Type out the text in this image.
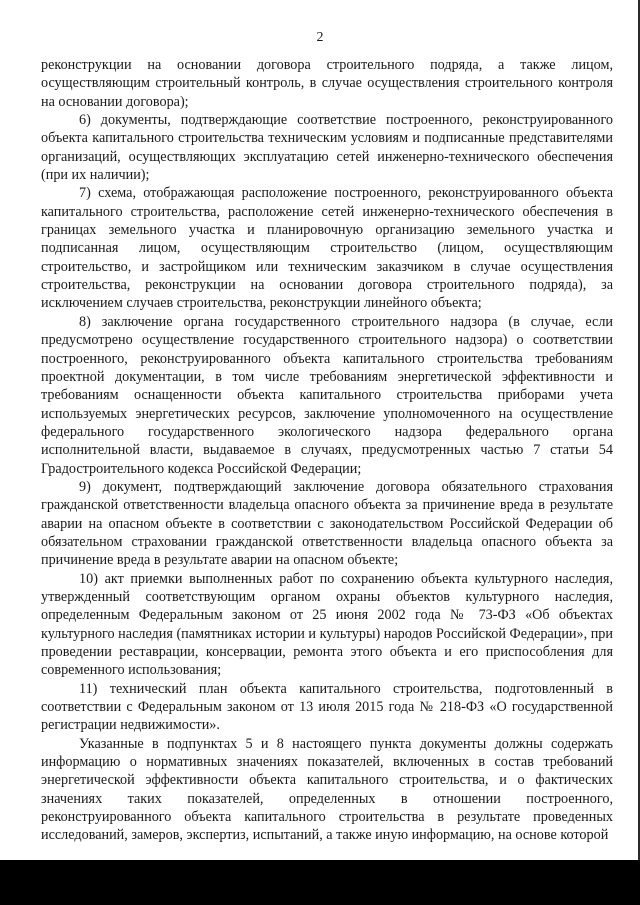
2

реконструкции на основании договора строительного подряда, а также лицом, осуществляющим строительный контроль, в случае осуществления строительного контроля на основании договора);

6) документы, подтверждающие соответствие построенного, реконструированного объекта капитального строительства техническим условиям и подписанные представителями организаций, осуществляющих эксплуатацию сетей инженерно-технического обеспечения (при их наличии);

7) схема, отображающая расположение построенного, реконструированного объекта капитального строительства, расположение сетей инженерно-технического обеспечения в границах земельного участка и планировочную организацию земельного участка и подписанная лицом, осуществляющим строительство (лицом, осуществляющим строительство, и застройщиком или техническим заказчиком в случае осуществления строительства, реконструкции на основании договора строительного подряда), за исключением случаев строительства, реконструкции линейного объекта;

8) заключение органа государственного строительного надзора (в случае, если предусмотрено осуществление государственного строительного надзора) о соответствии построенного, реконструированного объекта капитального строительства требованиям проектной документации, в том числе требованиям энергетической эффективности и требованиям оснащенности объекта капитального строительства приборами учета используемых энергетических ресурсов, заключение уполномоченного на осуществление федерального государственного экологического надзора федерального органа исполнительной власти, выдаваемое в случаях, предусмотренных частью 7 статьи 54 Градостроительного кодекса Российской Федерации;

9) документ, подтверждающий заключение договора обязательного страхования гражданской ответственности владельца опасного объекта за причинение вреда в результате аварии на опасном объекте в соответствии с законодательством Российской Федерации об обязательном страховании гражданской ответственности владельца опасного объекта за причинение вреда в результате аварии на опасном объекте;

10) акт приемки выполненных работ по сохранению объекта культурного наследия, утвержденный соответствующим органом охраны объектов культурного наследия, определенным Федеральным законом от 25 июня 2002 года № 73-ФЗ «Об объектах культурного наследия (памятниках истории и культуры) народов Российской Федерации», при проведении реставрации, консервации, ремонта этого объекта и его приспособления для современного использования;

11) технический план объекта капитального строительства, подготовленный в соответствии с Федеральным законом от 13 июля 2015 года № 218-ФЗ «О государственной регистрации недвижимости».

Указанные в подпунктах 5 и 8 настоящего пункта документы должны содержать информацию о нормативных значениях показателей, включенных в состав требований энергетической эффективности объекта капитального строительства, и о фактических значениях таких показателей, определенных в отношении построенного, реконструированного объекта капитального строительства в результате проведенных исследований, замеров, экспертиз, испытаний, а также иную информацию, на основе которой
